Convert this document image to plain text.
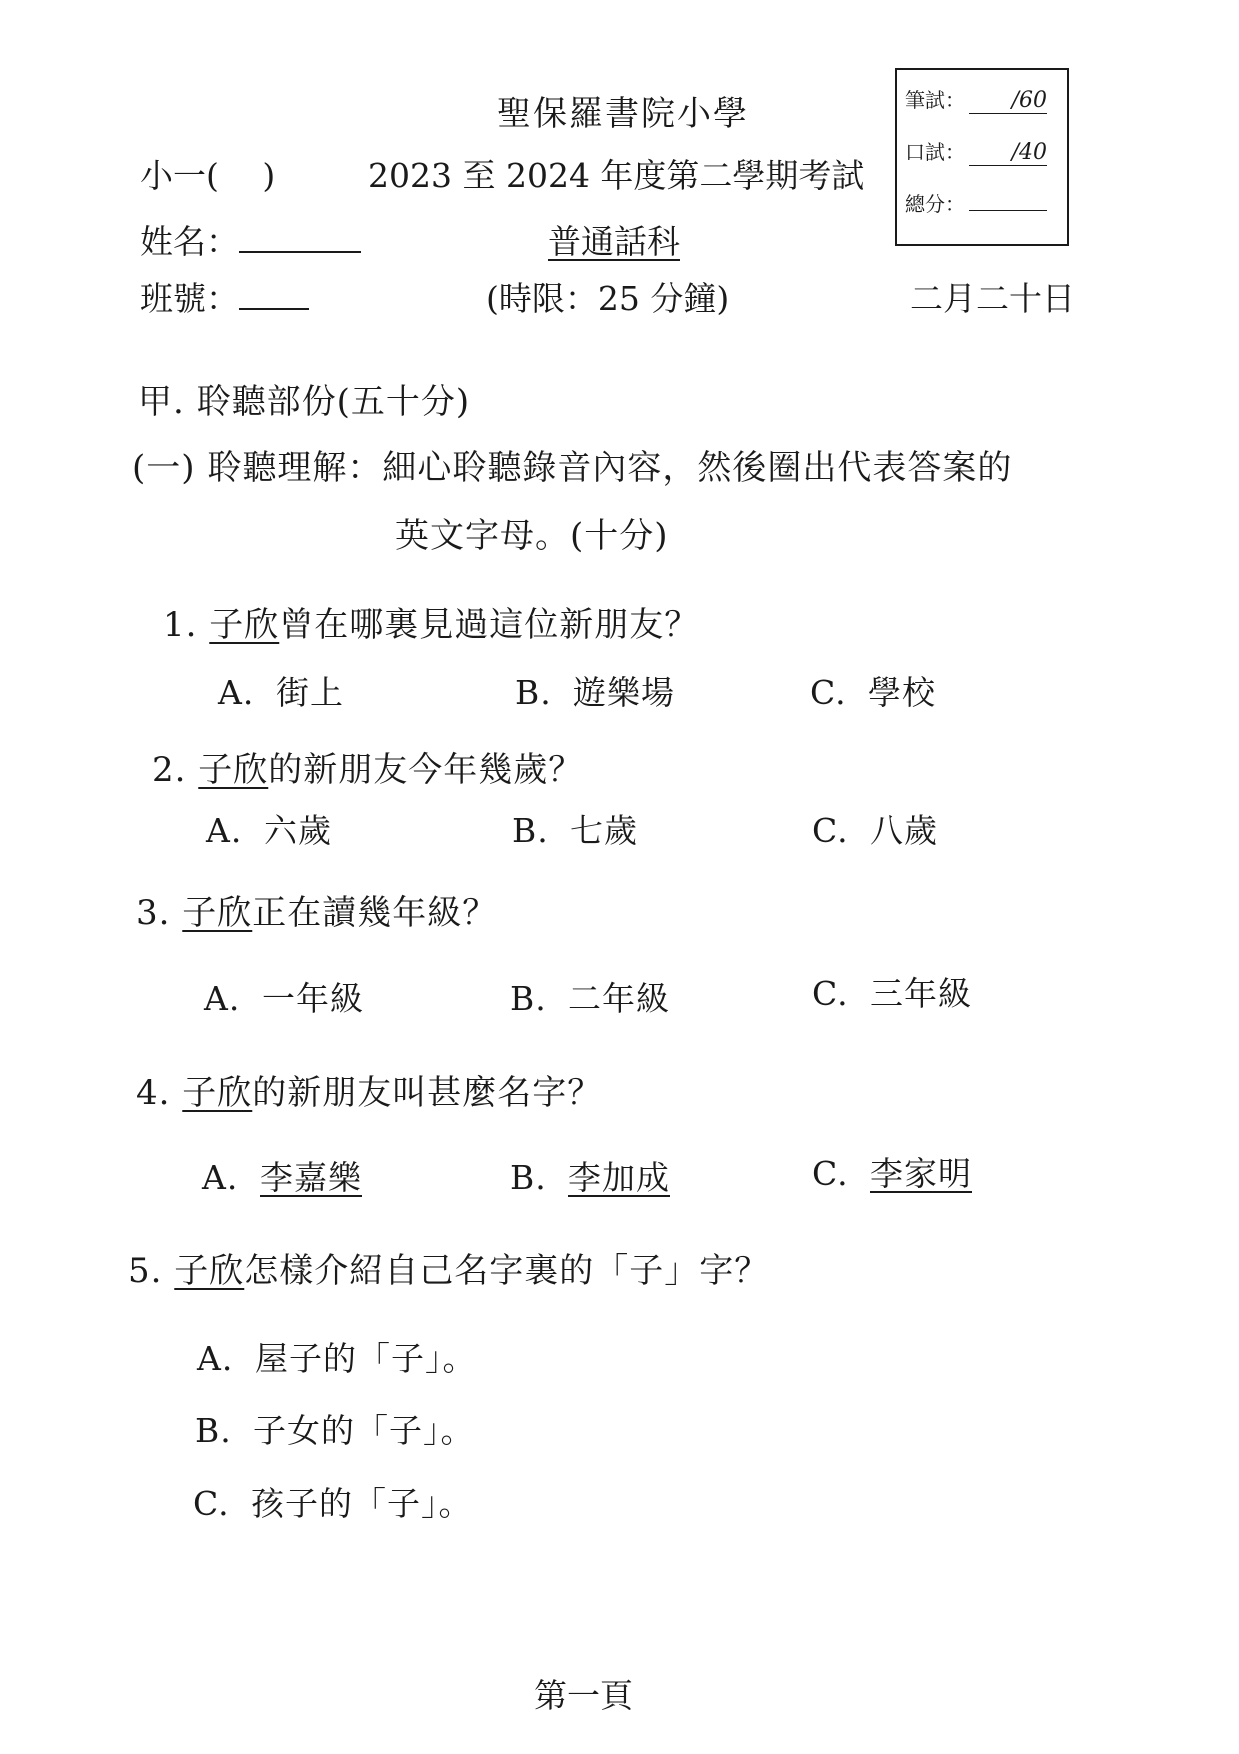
聖保羅書院小學	筆試： /60
口試： /40
總分：
小一(　 )	2023 至 2024 年度第二學期考試
姓名：	普通話科
班號：	(時限：25 分鐘)	二月二十日
甲. 聆聽部份(五十分)
(一) 聆聽理解：細心聆聽錄音內容，然後圈出代表答案的
英文字母。(十分)
1. 子欣曾在哪裏見過這位新朋友？
A. 街上	B. 遊樂場	C. 學校
2. 子欣的新朋友今年幾歲？
A. 六歲	B. 七歲	C. 八歲
3. 子欣正在讀幾年級？
A. 一年級	B. 二年級	C. 三年級
4. 子欣的新朋友叫甚麼名字？
A. 李嘉樂	B. 李加成	C. 李家明
5. 子欣怎樣介紹自己名字裏的「子」字？
A. 屋子的「子」。
B. 子女的「子」。
C. 孩子的「子」。
第一頁
